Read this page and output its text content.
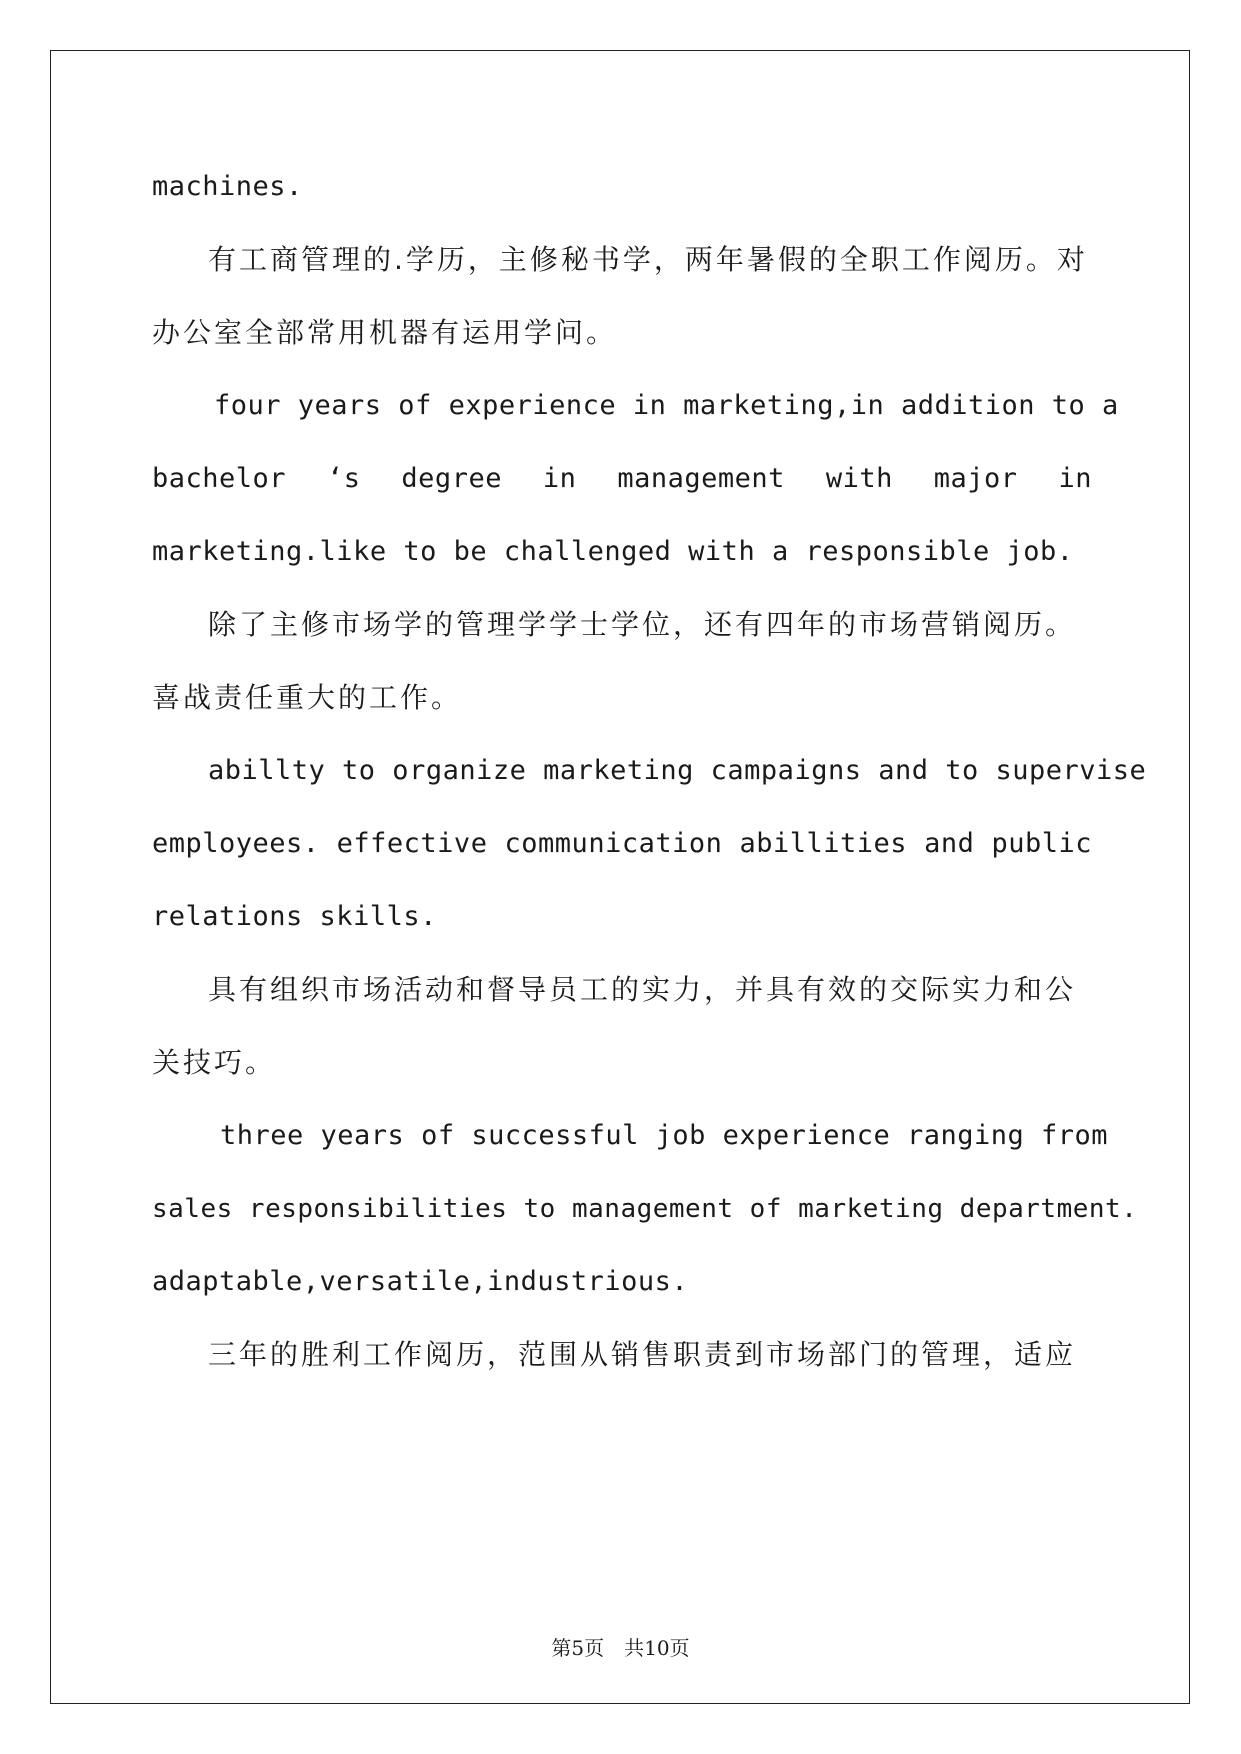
machines.
有工商管理的.学历，主修秘书学，两年暑假的全职工作阅历。对
办公室全部常用机器有运用学问。
four years of experience in marketing,in addition to a
bachelor ‘s degree in management with major in
marketing.like to be challenged with a responsible job.
除了主修市场学的管理学学士学位，还有四年的市场营销阅历。
喜战责任重大的工作。
abillty to organize marketing campaigns and to supervise
employees. effective communication abillities and public
relations skills.
具有组织市场活动和督导员工的实力，并具有效的交际实力和公
关技巧。
three years of successful job experience ranging from
sales responsibilities to management of marketing department.
adaptable,versatile,industrious.
三年的胜利工作阅历，范围从销售职责到市场部门的管理，适应
第5页 共10页
